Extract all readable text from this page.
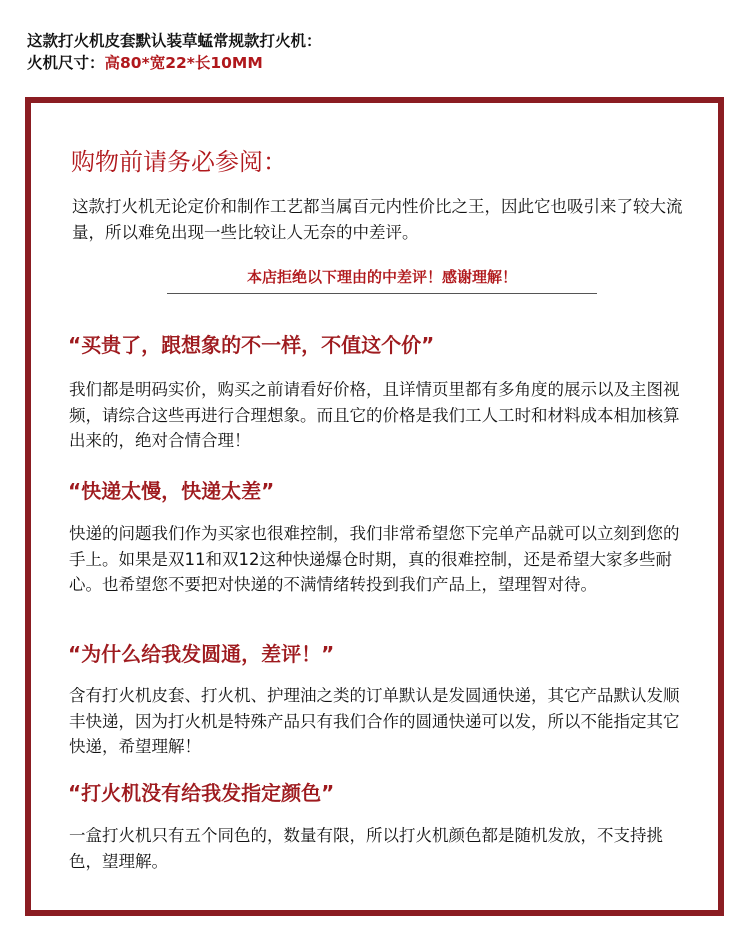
这款打火机皮套默认装草蜢常规款打火机：
火机尺寸：高80*宽22*长10MM
购物前请务必参阅：
这款打火机无论定价和制作工艺都当属百元内性价比之王，因此它也吸引来了较大流量，所以难免出现一些比较让人无奈的中差评。
本店拒绝以下理由的中差评！感谢理解！
“买贵了，跟想象的不一样，不值这个价”
我们都是明码实价，购买之前请看好价格，且详情页里都有多角度的展示以及主图视频，请综合这些再进行合理想象。而且它的价格是我们工人工时和材料成本相加核算出来的，绝对合情合理！
“快递太慢，快递太差”
快递的问题我们作为买家也很难控制，我们非常希望您下完单产品就可以立刻到您的手上。如果是双11和双12这种快递爆仓时期，真的很难控制，还是希望大家多些耐心。也希望您不要把对快递的不满情绪转投到我们产品上，望理智对待。
“为什么给我发圆通，差评！”
含有打火机皮套、打火机、护理油之类的订单默认是发圆通快递，其它产品默认发顺丰快递，因为打火机是特殊产品只有我们合作的圆通快递可以发，所以不能指定其它快递，希望理解！
“打火机没有给我发指定颜色”
一盒打火机只有五个同色的，数量有限，所以打火机颜色都是随机发放，不支持挑色，望理解。
